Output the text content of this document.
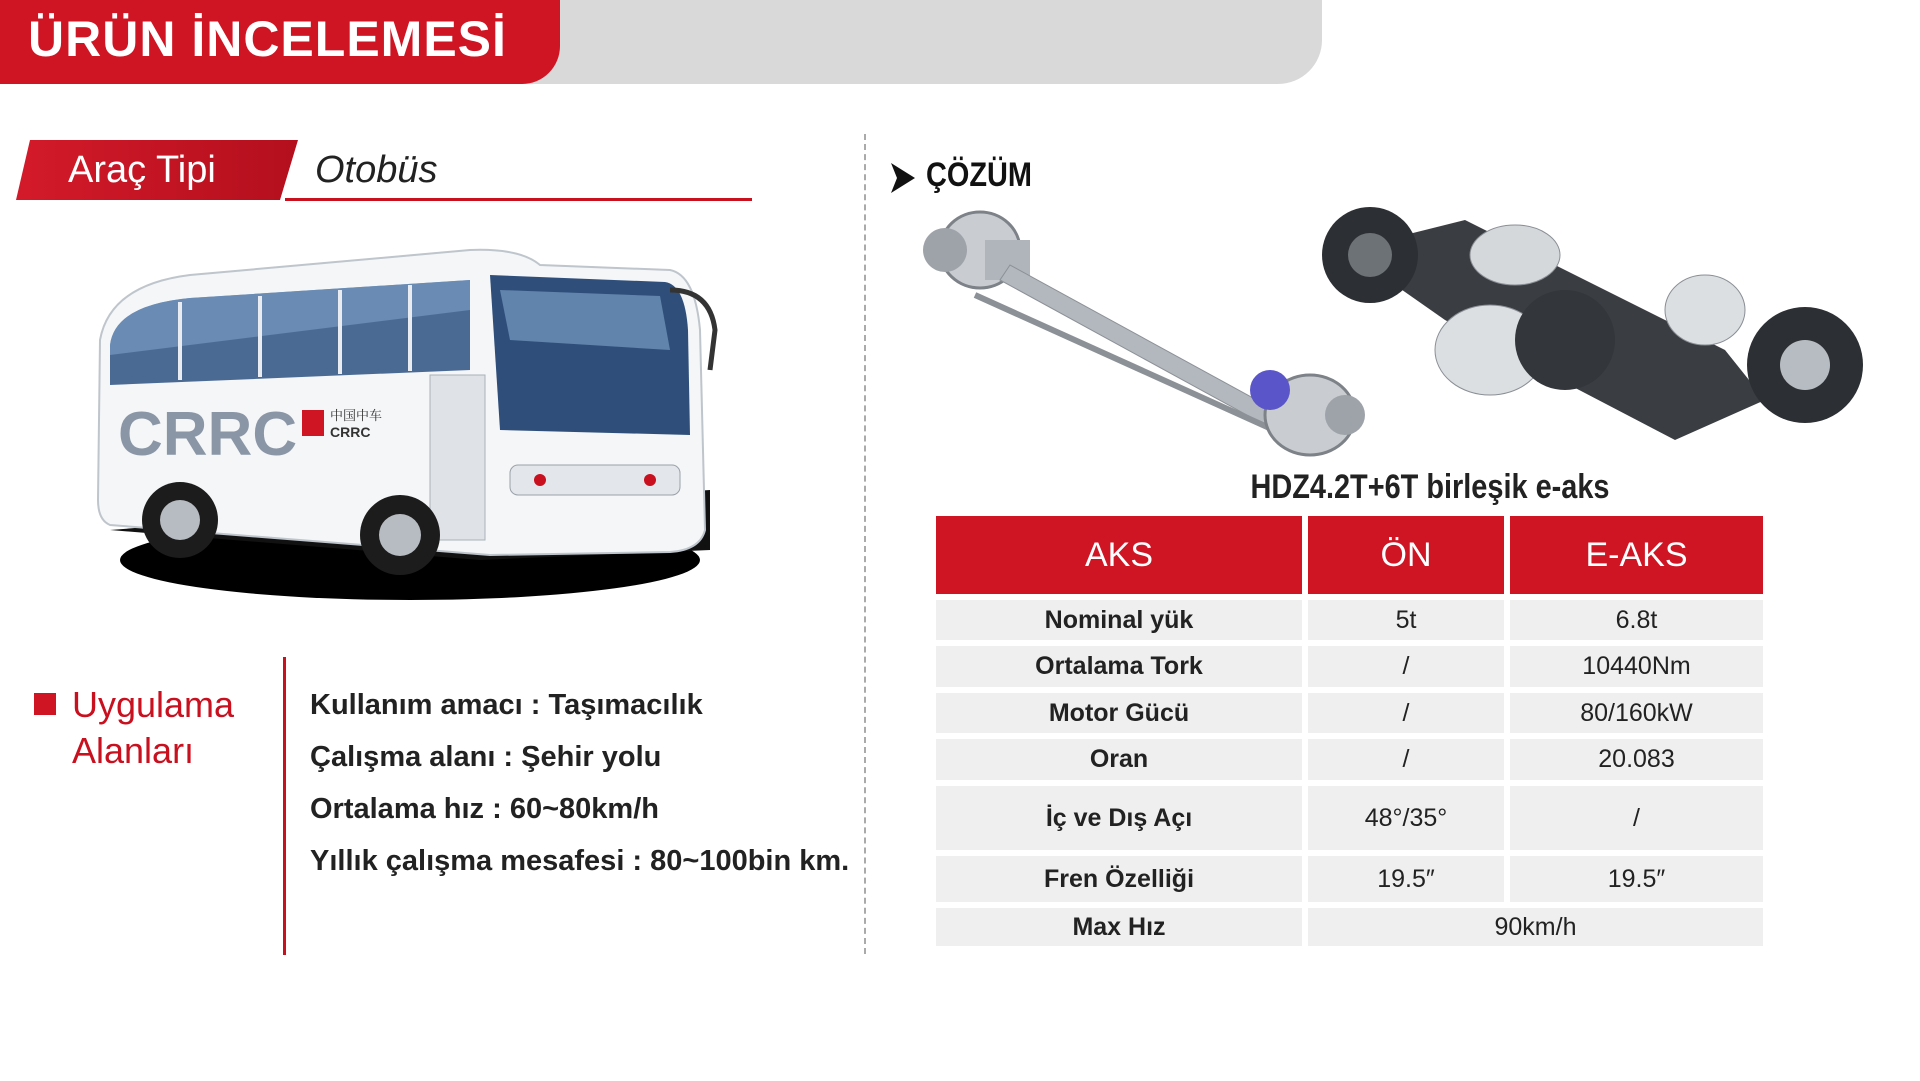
ÜRÜN İNCELEMESİ
Araç Tipi	Otobüs
CRRC	中国中车
CRRC
Uygulama Alanları
Kullanım amacı : Taşımacılık
Çalışma alanı : Şehir yolu
Ortalama hız : 60~80km/h
Yıllık çalışma mesafesi : 80~100bin km.
ÇÖZÜM
HDZ4.2T+6T birleşik e-aks
AKS	ÖN	E-AKS
Nominal yük	5t	6.8t
Ortalama Tork	/	10440Nm
Motor Gücü	/	80/160kW
Oran	/	20.083
İç ve Dış Açı	48°/35°	/
Fren Özelliği	19.5″	19.5″
Max Hız	90km/h
